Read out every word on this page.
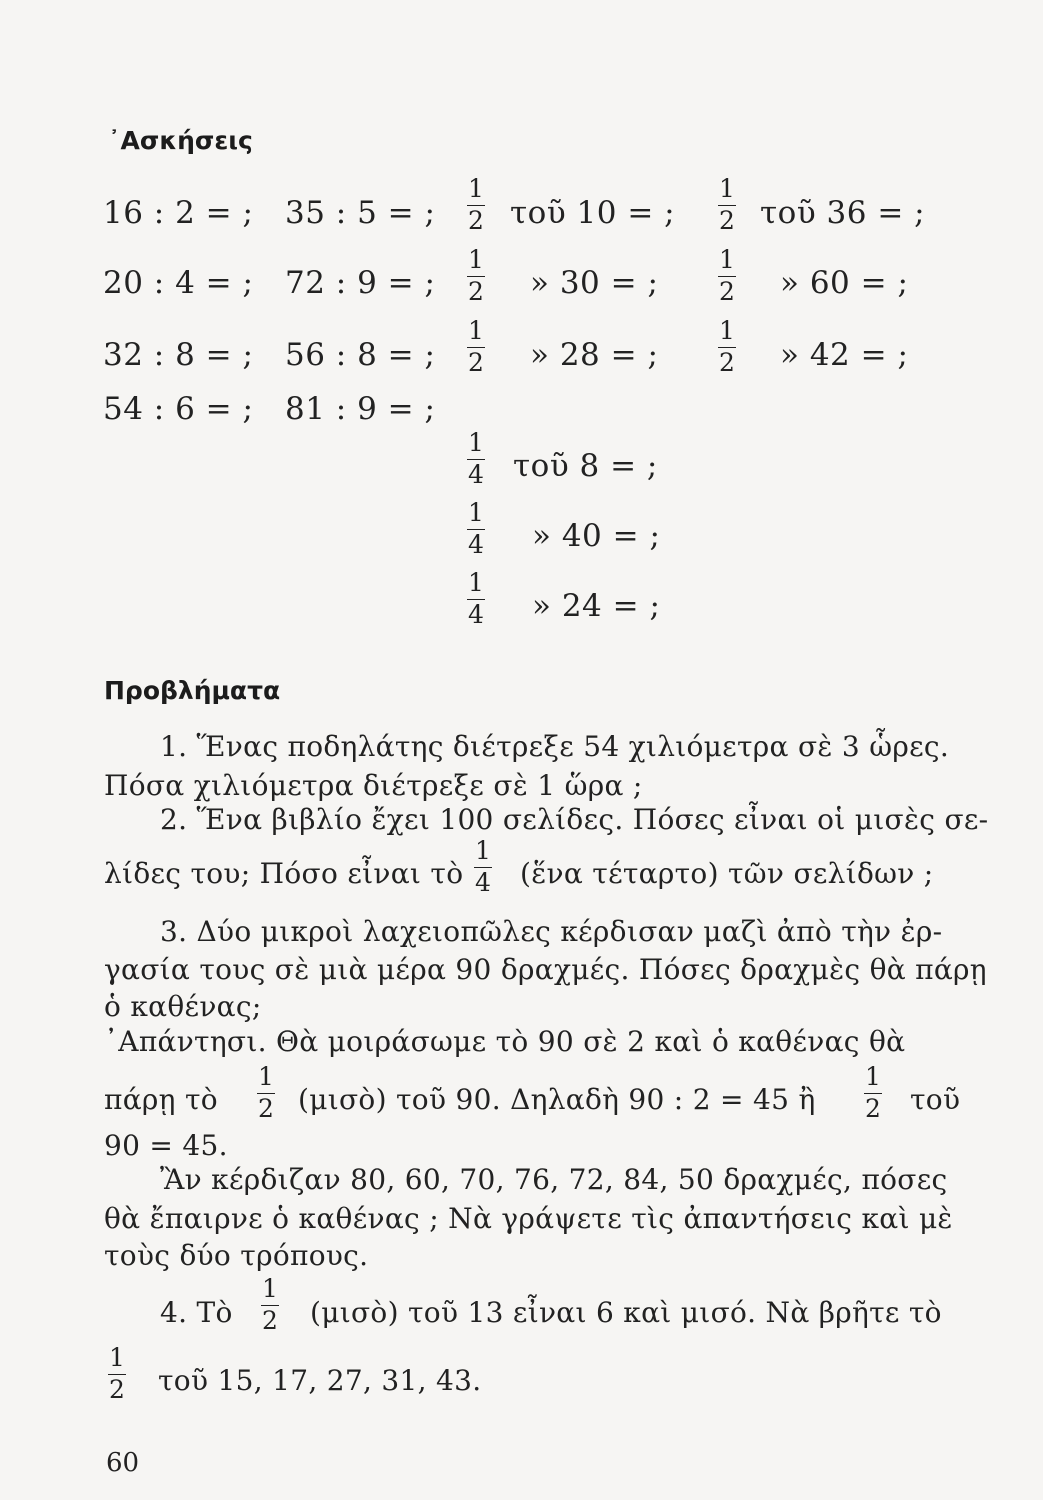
᾿Ασκήσεις
16 : 2 = ;
20 : 4 = ;
32 : 8 = ;
54 : 6 = ;
35 : 5 = ;
72 : 9 = ;
56 : 8 = ;
81 : 9 = ;
1
2 τοῦ 10 = ;
1
2 » 30 = ;
1
2 » 28 = ;
1
2 τοῦ 36 = ;
1
2 » 60 = ;
1
2 » 42 = ;
1
4 τοῦ 8 = ;
1
4 » 40 = ;
1
4 » 24 = ;
Προβλήματα
1. Ἕνας ποδηλάτης διέτρεξε 54 χιλιόμετρα σὲ 3 ὧρες.
Πόσα χιλιόμετρα διέτρεξε σὲ 1 ὥρα ;
2. Ἕνα βιβλίο ἔχει 100 σελίδες. Πόσες εἶναι οἱ μισὲς σε-
λίδες του; Πόσο εἶναι τὸ
1
4 (ἕνα τέταρτο) τῶν σελίδων ;
3. Δύο μικροὶ λαχειοπῶλες κέρδισαν μαζὶ ἀπὸ τὴν ἐρ-
γασία τους σὲ μιὰ μέρα 90 δραχμές. Πόσες δραχμὲς θὰ πάρῃ
ὁ καθένας;
᾿Απάντησι. Θὰ μοιράσωμε τὸ 90 σὲ 2 καὶ ὁ καθένας θὰ
πάρῃ τὸ
1
2 (μισὸ) τοῦ 90. Δηλαδὴ 90 : 2 = 45 ἢ
1
2 τοῦ
90 = 45.
Ἂν κέρδιζαν 80, 60, 70, 76, 72, 84, 50 δραχμές, πόσες
θὰ ἔπαιρνε ὁ καθένας ; Νὰ γράψετε τὶς ἀπαντήσεις καὶ μὲ
τοὺς δύο τρόπους.
4. Τὸ
1
2 (μισὸ) τοῦ 13 εἶναι 6 καὶ μισό. Νὰ βρῆτε τὸ
1
2 τοῦ 15, 17, 27, 31, 43.
60
